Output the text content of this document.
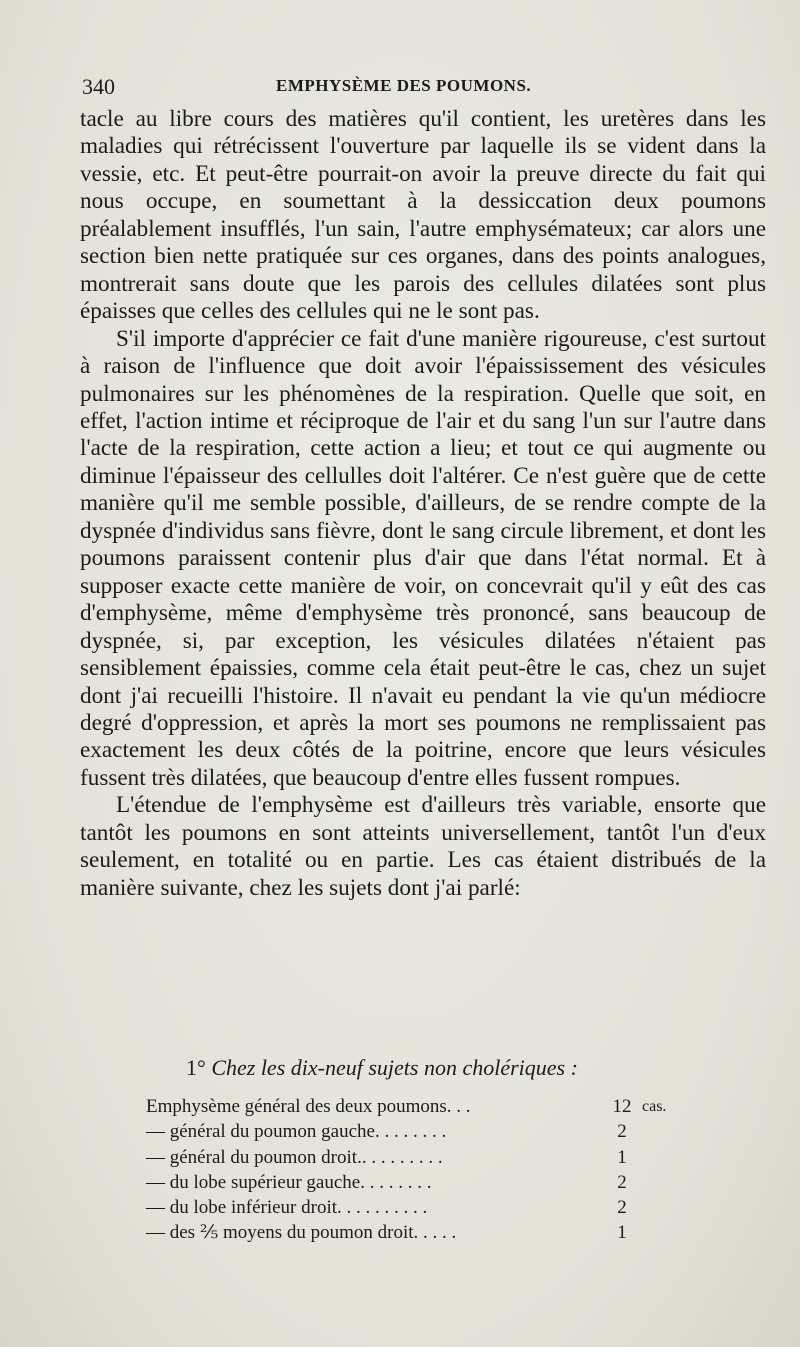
340	EMPHYSÈME DES POUMONS.

tacle au libre cours des matières qu'il contient, les uretères dans les maladies qui rétrécissent l'ouverture par laquelle ils se vident dans la vessie, etc. Et peut-être pourrait-on avoir la preuve directe du fait qui nous occupe, en soumettant à la dessiccation deux poumons préalablement insufflés, l'un sain, l'autre emphysémateux; car alors une section bien nette pratiquée sur ces organes, dans des points analogues, montrerait sans doute que les parois des cellules dilatées sont plus épaisses que celles des cellules qui ne le sont pas.

S'il importe d'apprécier ce fait d'une manière rigoureuse, c'est surtout à raison de l'influence que doit avoir l'épaississement des vésicules pulmonaires sur les phénomènes de la respiration. Quelle que soit, en effet, l'action intime et réciproque de l'air et du sang l'un sur l'autre dans l'acte de la respiration, cette action a lieu; et tout ce qui augmente ou diminue l'épaisseur des cellulles doit l'altérer. Ce n'est guère que de cette manière qu'il me semble possible, d'ailleurs, de se rendre compte de la dyspnée d'individus sans fièvre, dont le sang circule librement, et dont les poumons paraissent contenir plus d'air que dans l'état normal. Et à supposer exacte cette manière de voir, on concevrait qu'il y eût des cas d'emphysème, même d'emphysème très prononcé, sans beaucoup de dyspnée, si, par exception, les vésicules dilatées n'étaient pas sensiblement épaissies, comme cela était peut-être le cas, chez un sujet dont j'ai recueilli l'histoire. Il n'avait eu pendant la vie qu'un médiocre degré d'oppression, et après la mort ses poumons ne remplissaient pas exactement les deux côtés de la poitrine, encore que leurs vésicules fussent très dilatées, que beaucoup d'entre elles fussent rompues.

L'étendue de l'emphysème est d'ailleurs très variable, ensorte que tantôt les poumons en sont atteints universellement, tantôt l'un d'eux seulement, en totalité ou en partie. Les cas étaient distribués de la manière suivante, chez les sujets dont j'ai parlé:

1° Chez les dix-neuf sujets non cholériques :
Emphysème général des deux poumons. . .	12 cas.
— général du poumon gauche. . . . . . . .	2
— général du poumon droit.. . . . . . . . .	1
— du lobe supérieur gauche. . . . . . . .	2
— du lobe inférieur droit. . . . . . . . . .	2
— des ⅖ moyens du poumon droit. . . . .	1
